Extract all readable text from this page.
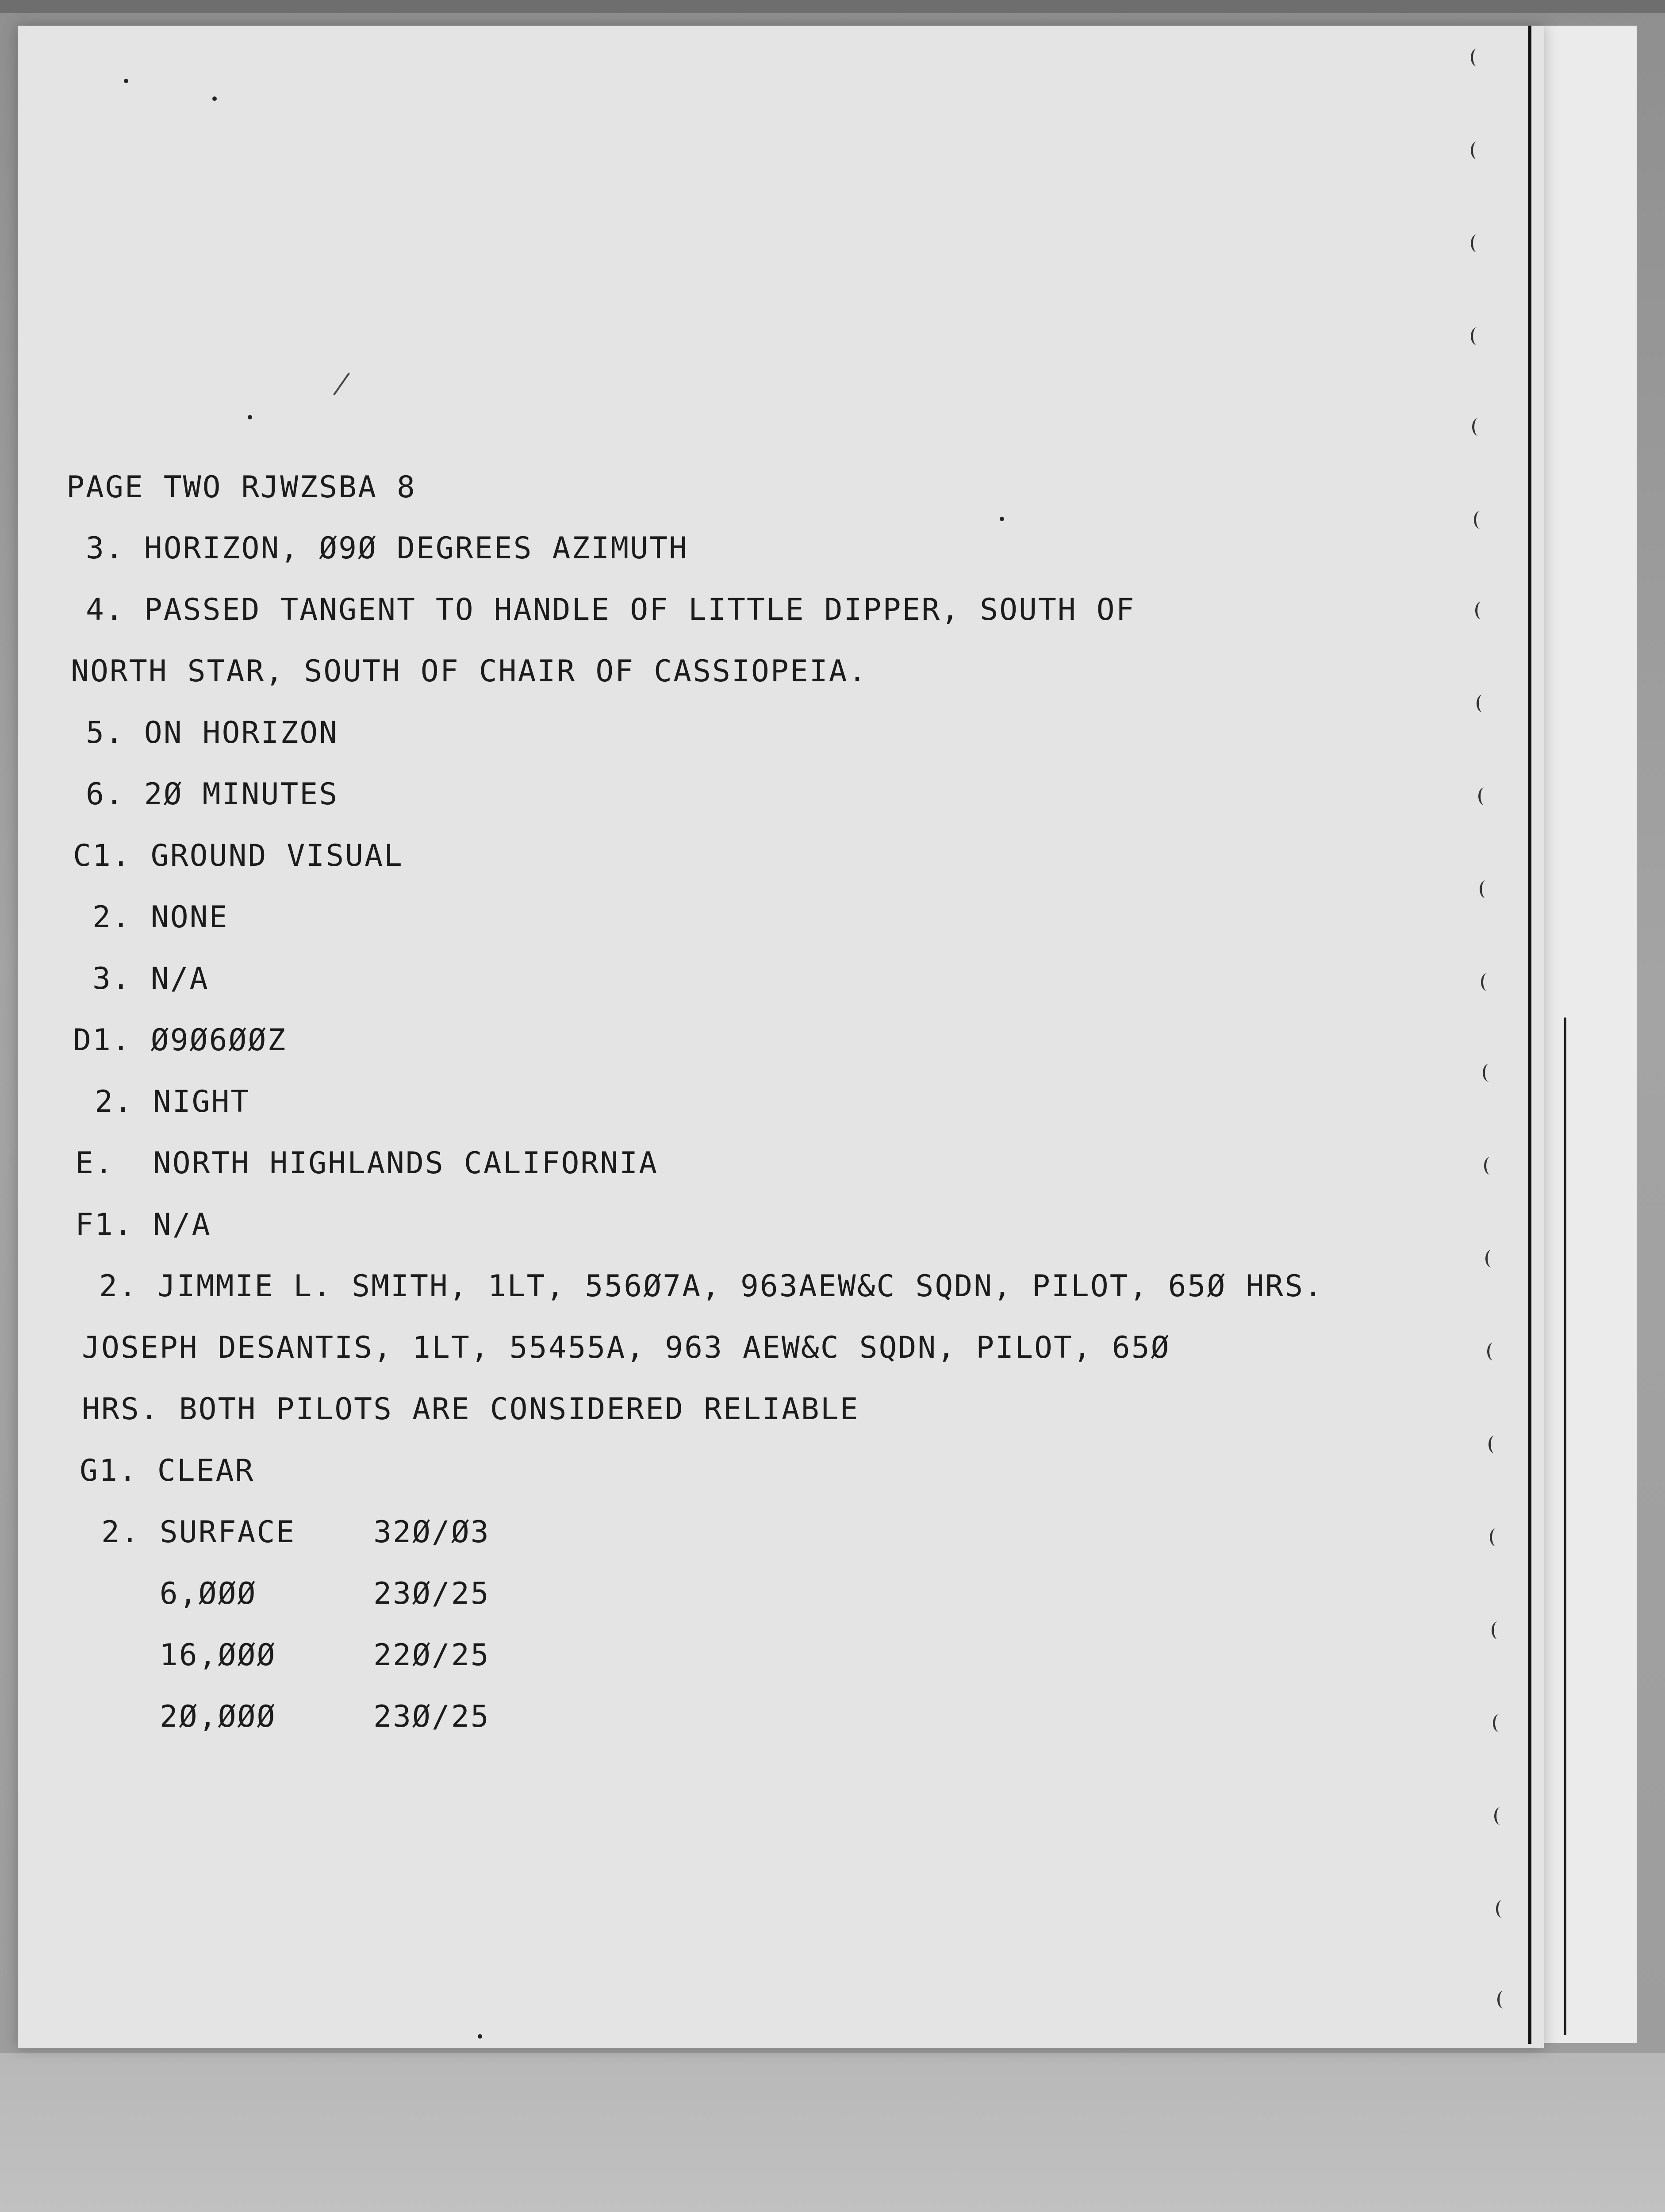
PAGE TWO RJWZSBA 8

3. HORIZON, Ø9Ø DEGREES AZIMUTH

4. PASSED TANGENT TO HANDLE OF LITTLE DIPPER, SOUTH OF

NORTH STAR, SOUTH OF CHAIR OF CASSIOPEIA.

5. ON HORIZON

6. 2Ø MINUTES

C1. GROUND VISUAL

2. NONE

3. N/A

D1. Ø9Ø6ØØZ

2. NIGHT

E.  NORTH HIGHLANDS CALIFORNIA

F1. N/A

2. JIMMIE L. SMITH, 1LT, 556Ø7A, 963AEW&C SQDN, PILOT, 65Ø HRS.

JOSEPH DESANTIS, 1LT, 55455A, 963 AEW&C SQDN, PILOT, 65Ø

HRS. BOTH PILOTS ARE CONSIDERED RELIABLE

G1. CLEAR

2. SURFACE    32Ø/Ø3

6,ØØØ      23Ø/25

16,ØØØ     22Ø/25

2Ø,ØØØ     23Ø/25
